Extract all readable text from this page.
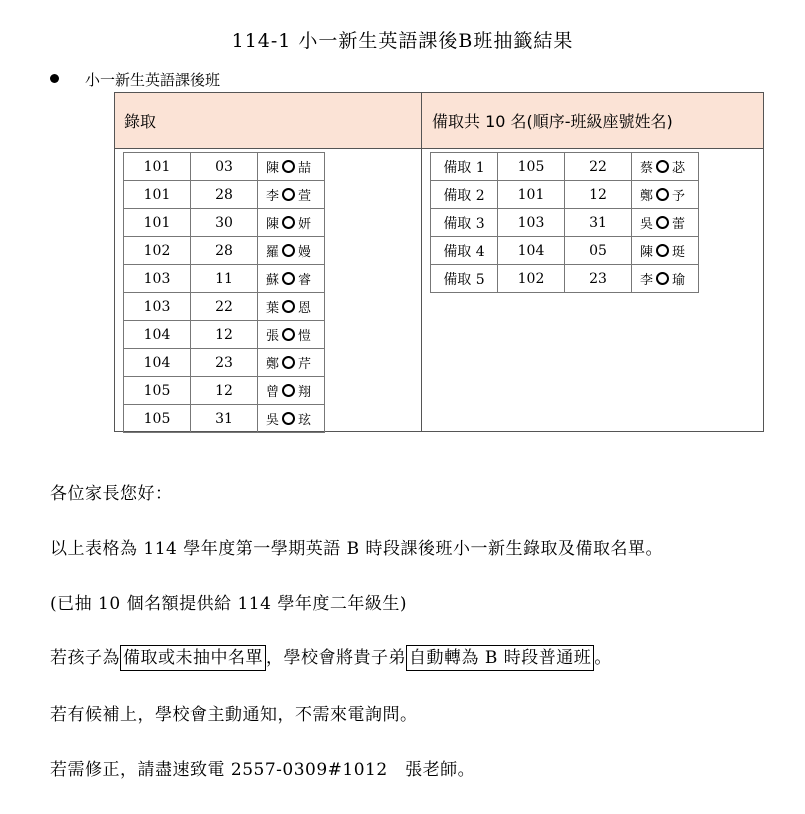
114-1 小一新生英語課後B班抽籤結果
小一新生英語課後班
錄取	備取共 10 名(順序-班級座號姓名)
101	03	陳 喆
101	28	李 萱
101	30	陳 妍
102	28	羅 嫚
103	11	蘇 睿
103	22	葉 恩
104	12	張 愷
104	23	鄭 芹
105	12	曾 翔
105	31	吳 玹
備取 1	105	22	蔡 苾
備取 2	101	12	鄭 予
備取 3	103	31	吳 蕾
備取 4	104	05	陳 珽
備取 5	102	23	李 瑜
各位家長您好：
以上表格為 114 學年度第一學期英語 B 時段課後班小一新生錄取及備取名單。
(已抽 10 個名額提供給 114 學年度二年級生)
若孩子為 備取或未抽中名單 ，學校會將貴子弟 自動轉為 B 時段普通班 。
若有候補上，學校會主動通知，不需來電詢問。
若需修正，請盡速致電 2557-0309#1012　張老師。
